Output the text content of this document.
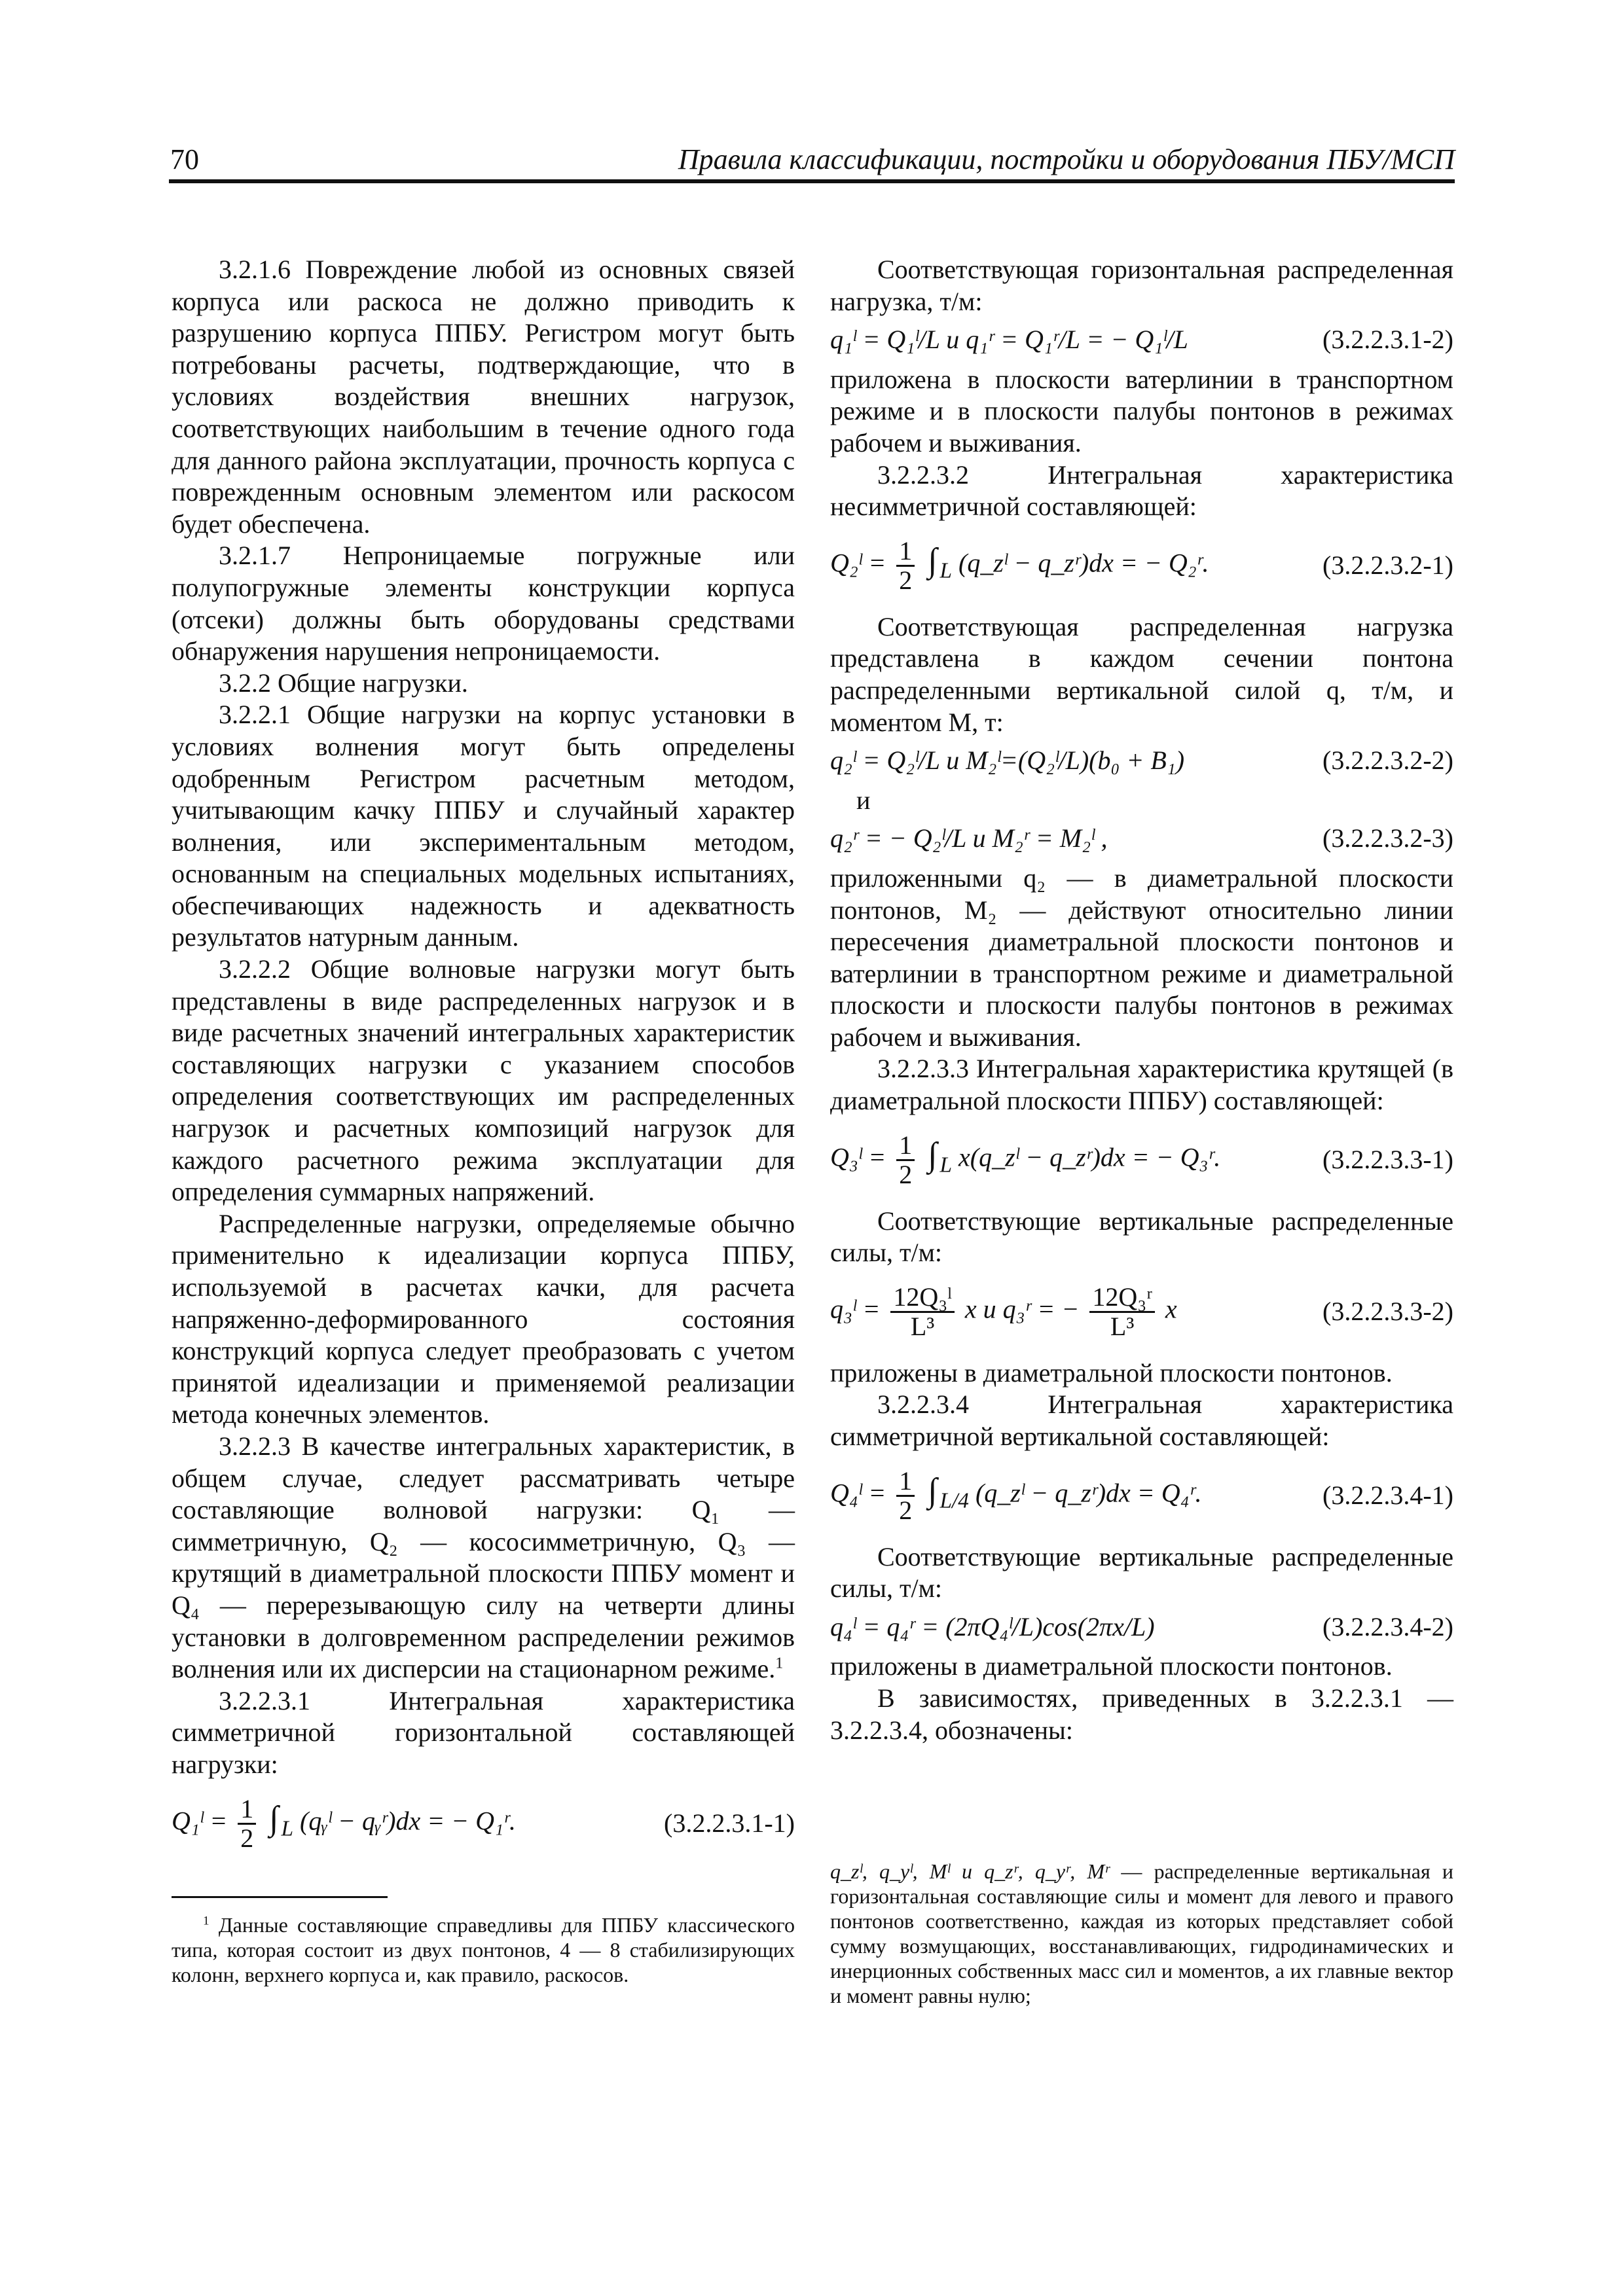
70	Правила классификации, постройки и оборудования ПБУ/МСП

3.2.1.6 Повреждение любой из основных связей корпуса или раскоса не должно приводить к разрушению корпуса ППБУ. Регистром могут быть потребованы расчеты, подтверждающие, что в условиях воздействия внешних нагрузок, соответствующих наибольшим в течение одного года для данного района эксплуатации, прочность корпуса с поврежденным основным элементом или раскосом будет обеспечена.

3.2.1.7 Непроницаемые погружные или полупогружные элементы конструкции корпуса (отсеки) должны быть оборудованы средствами обнаружения нарушения непроницаемости.

3.2.2 Общие нагрузки.

3.2.2.1 Общие нагрузки на корпус установки в условиях волнения могут быть определены одобренным Регистром расчетным методом, учитывающим качку ППБУ и случайный характер волнения, или экспериментальным методом, основанным на специальных модельных испытаниях, обеспечивающих надежность и адекватность результатов натурным данным.

3.2.2.2 Общие волновые нагрузки могут быть представлены в виде распределенных нагрузок и в виде расчетных значений интегральных характеристик составляющих нагрузки с указанием способов определения соответствующих им распределенных нагрузок и расчетных композиций нагрузок для каждого расчетного режима эксплуатации для определения суммарных напряжений.

Распределенные нагрузки, определяемые обычно применительно к идеализации корпуса ППБУ, используемой в расчетах качки, для расчета напряженно-деформированного состояния конструкций корпуса следует преобразовать с учетом принятой идеализации и применяемой реализации метода конечных элементов.

3.2.2.3 В качестве интегральных характеристик, в общем случае, следует рассматривать четыре составляющие волновой нагрузки: Q₁ — симметричную, Q₂ — кососимметричную, Q₃ — крутящий в диаметральной плоскости ППБУ момент и Q₄ — перерезывающую силу на четверти длины установки в долговременном распределении режимов волнения или их дисперсии на стационарном режиме.$^1$

3.2.2.3.1 Интегральная характеристика симметричной горизонтальной составляющей нагрузки:

Q₁ˡ = $\frac{1}{2}$ ∫ $_L$ (qᵧˡ − qᵧʳ)dx = − Q₁ʳ.	(3.2.2.3.1-1)

$^1$ Данные составляющие справедливы для ППБУ классического типа, которая состоит из двух понтонов, 4 — 8 стабилизирующих колонн, верхнего корпуса и, как правило, раскосов.

Соответствующая горизонтальная распределенная нагрузка, т/м:

q₁ˡ = Q₁ˡ/L и q₁ʳ = Q₁ʳ/L = − Q₁ˡ/L	(3.2.2.3.1-2)

приложена в плоскости ватерлинии в транспортном режиме и в плоскости палубы понтонов в режимах рабочем и выживания.

3.2.2.3.2 Интегральная характеристика несимметричной составляющей:

Q₂ˡ = $\frac{1}{2}$ ∫ $_L$ (q_zˡ − q_zʳ)dx = − Q₂ʳ.	(3.2.2.3.2-1)

Соответствующая распределенная нагрузка представлена в каждом сечении понтона распределенными вертикальной силой q, т/м, и моментом M, т:

q₂ˡ = Q₂ˡ/L и M₂ˡ=(Q₂ˡ/L)(b₀ + B₁)	(3.2.2.3.2-2)
и
q₂ʳ = − Q₂ˡ/L и M₂ʳ = M₂ˡ ,	(3.2.2.3.2-3)

приложенными q₂ — в диаметральной плоскости понтонов, M₂ — действуют относительно линии пересечения диаметральной плоскости понтонов и ватерлинии в транспортном режиме и диаметральной плоскости и плоскости палубы понтонов в режимах рабочем и выживания.

3.2.2.3.3 Интегральная характеристика крутящей (в диаметральной плоскости ППБУ) составляющей:

Q₃ˡ = $\frac{1}{2}$ ∫ $_L$ x(q_zˡ − q_zʳ)dx = − Q₃ʳ.	(3.2.2.3.3-1)

Соответствующие вертикальные распределенные силы, т/м:

q₃ˡ = $\frac{\text{12Q₃ˡ}}{\text{L³}}$ x и q₃ʳ = − $\frac{\text{12Q₃ʳ}}{\text{L³}}$ x	(3.2.2.3.3-2)

приложены в диаметральной плоскости понтонов.

3.2.2.3.4 Интегральная характеристика симметричной вертикальной составляющей:

Q₄ˡ = $\frac{1}{2}$ ∫ $_{L/4}$ (q_zˡ − q_zʳ)dx = Q₄ʳ.	(3.2.2.3.4-1)

Соответствующие вертикальные распределенные силы, т/м:

q₄ˡ = q₄ʳ = (2πQ₄ˡ/L)cos(2πx/L)	(3.2.2.3.4-2)

приложены в диаметральной плоскости понтонов.

В зависимостях, приведенных в 3.2.2.3.1 — 3.2.2.3.4, обозначены:

q_zˡ, q_yˡ, Mˡ и q_zʳ, q_yʳ, Mʳ — распределенные вертикальная и горизонтальная составляющие силы и момент для левого и правого понтонов соответственно, каждая из которых представляет собой сумму возмущающих, восстанавливающих, гидродинамических и инерционных собственных масс сил и моментов, а их главные вектор и момент равны нулю;
